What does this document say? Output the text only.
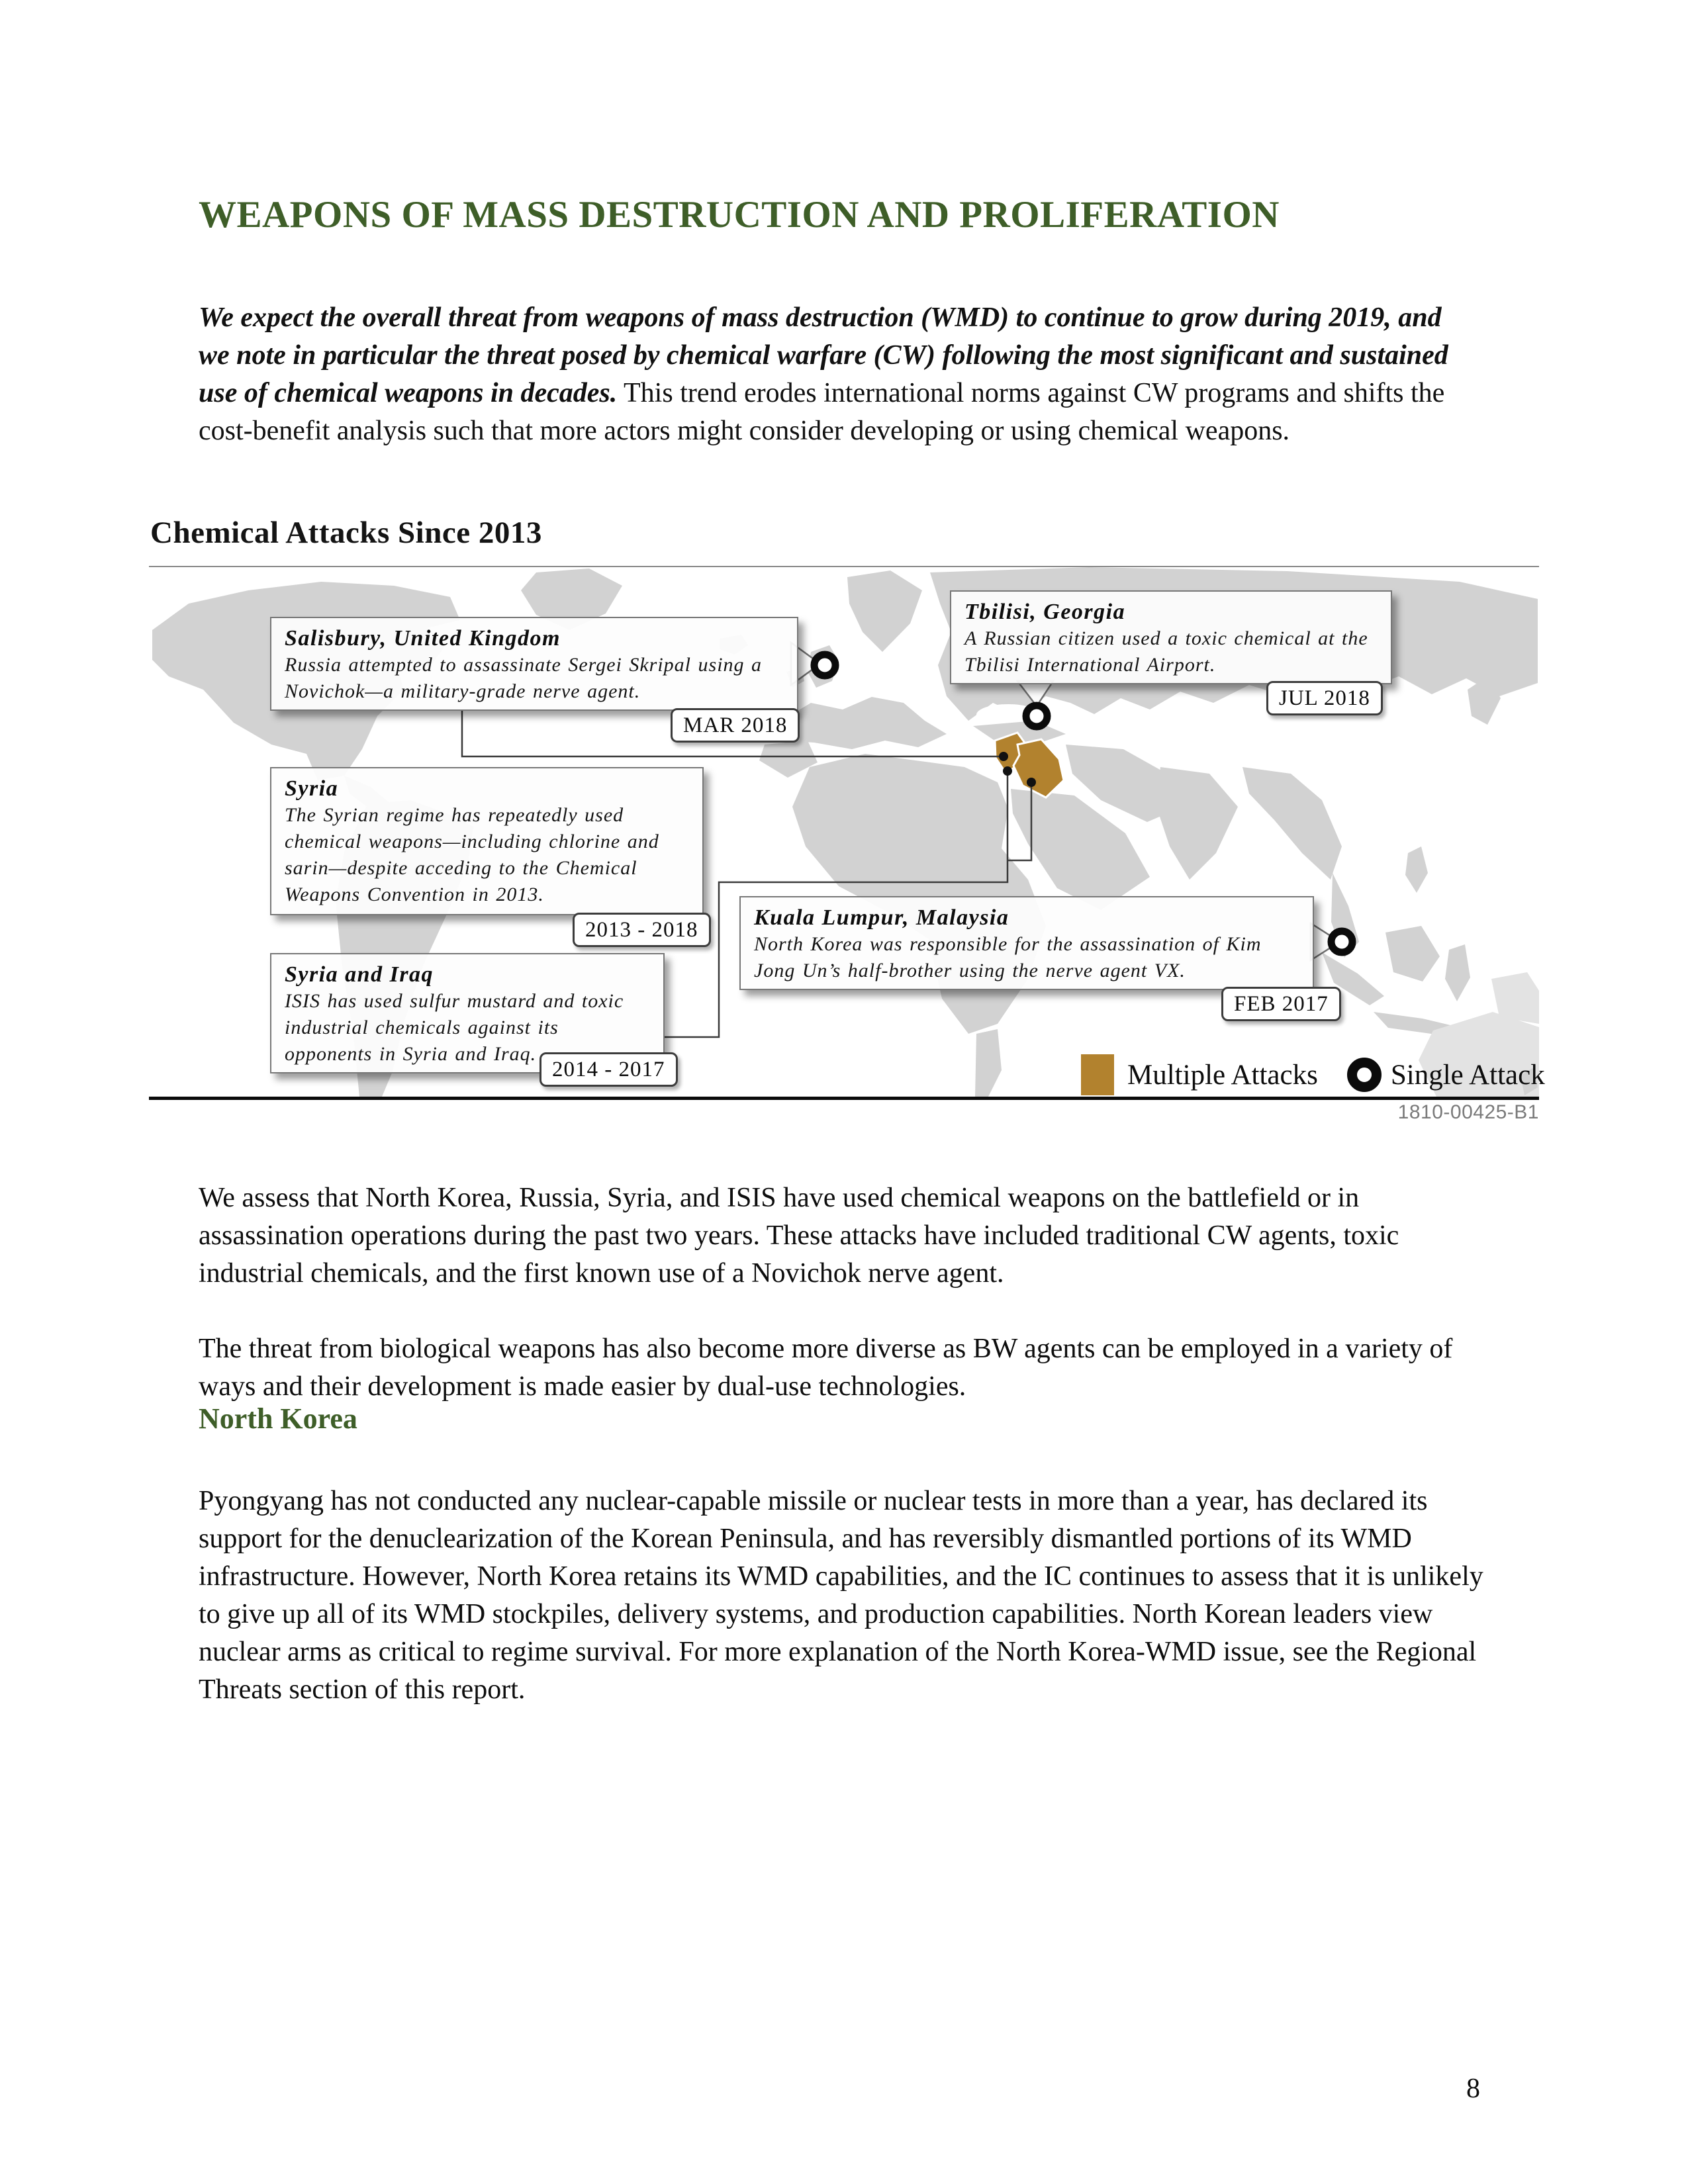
WEAPONS OF MASS DESTRUCTION AND PROLIFERATION

We expect the overall threat from weapons of mass destruction (WMD) to continue to grow during 2019, and we note in particular the threat posed by chemical warfare (CW) following the most significant and sustained use of chemical weapons in decades. This trend erodes international norms against CW programs and shifts the cost-benefit analysis such that more actors might consider developing or using chemical weapons.

Chemical Attacks Since 2013
Salisbury, United Kingdom
Russia attempted to assassinate Sergei Skripal using a Novichok—a military-grade nerve agent.
MAR 2018
Tbilisi, Georgia
A Russian citizen used a toxic chemical at the Tbilisi International Airport.
JUL 2018
Syria
The Syrian regime has repeatedly used chemical weapons—including chlorine and sarin—despite acceding to the Chemical Weapons Convention in 2013.
2013 - 2018
Syria and Iraq
ISIS has used sulfur mustard and toxic industrial chemicals against its opponents in Syria and Iraq.
2014 - 2017
Kuala Lumpur, Malaysia
North Korea was responsible for the assassination of Kim Jong Un’s half-brother using the nerve agent VX.
FEB 2017
Multiple Attacks	Single Attack
1810-00425-B1

We assess that North Korea, Russia, Syria, and ISIS have used chemical weapons on the battlefield or in assassination operations during the past two years. These attacks have included traditional CW agents, toxic industrial chemicals, and the first known use of a Novichok nerve agent.

The threat from biological weapons has also become more diverse as BW agents can be employed in a variety of ways and their development is made easier by dual-use technologies.

North Korea

Pyongyang has not conducted any nuclear-capable missile or nuclear tests in more than a year, has declared its support for the denuclearization of the Korean Peninsula, and has reversibly dismantled portions of its WMD infrastructure. However, North Korea retains its WMD capabilities, and the IC continues to assess that it is unlikely to give up all of its WMD stockpiles, delivery systems, and production capabilities. North Korean leaders view nuclear arms as critical to regime survival. For more explanation of the North Korea-WMD issue, see the Regional Threats section of this report.

8
